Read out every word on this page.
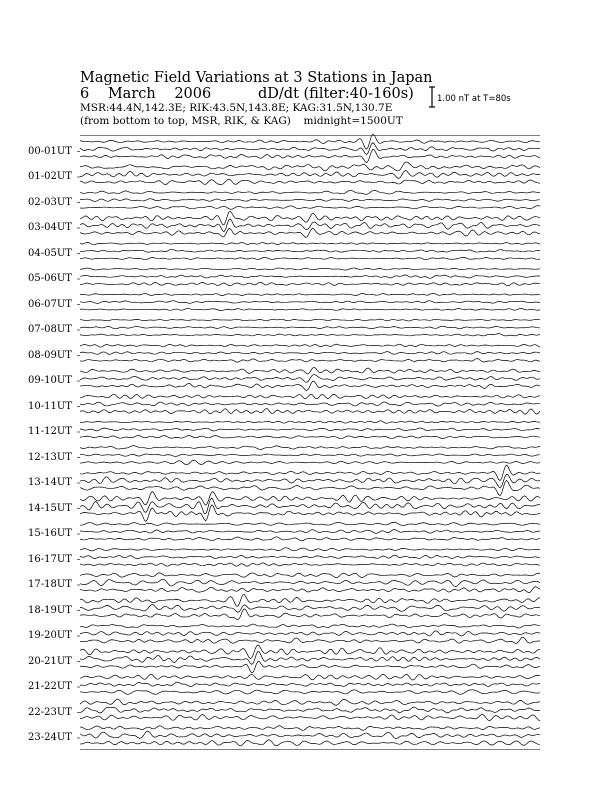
Magnetic Field Variations at 3 Stations in Japan
6 March 2006	dD/dt (filter:40-160s)
MSR:44.4N,142.3E; RIK:43.5N,143.8E; KAG:31.5N,130.7E
(from bottom to top, MSR, RIK, & KAG) midnight=1500UT
1.00 nT at T=80s
00-01UT
01-02UT
02-03UT
03-04UT
04-05UT
05-06UT
06-07UT
07-08UT
08-09UT
09-10UT
10-11UT
11-12UT
12-13UT
13-14UT
14-15UT
15-16UT
16-17UT
17-18UT
18-19UT
19-20UT
20-21UT
21-22UT
22-23UT
23-24UT
